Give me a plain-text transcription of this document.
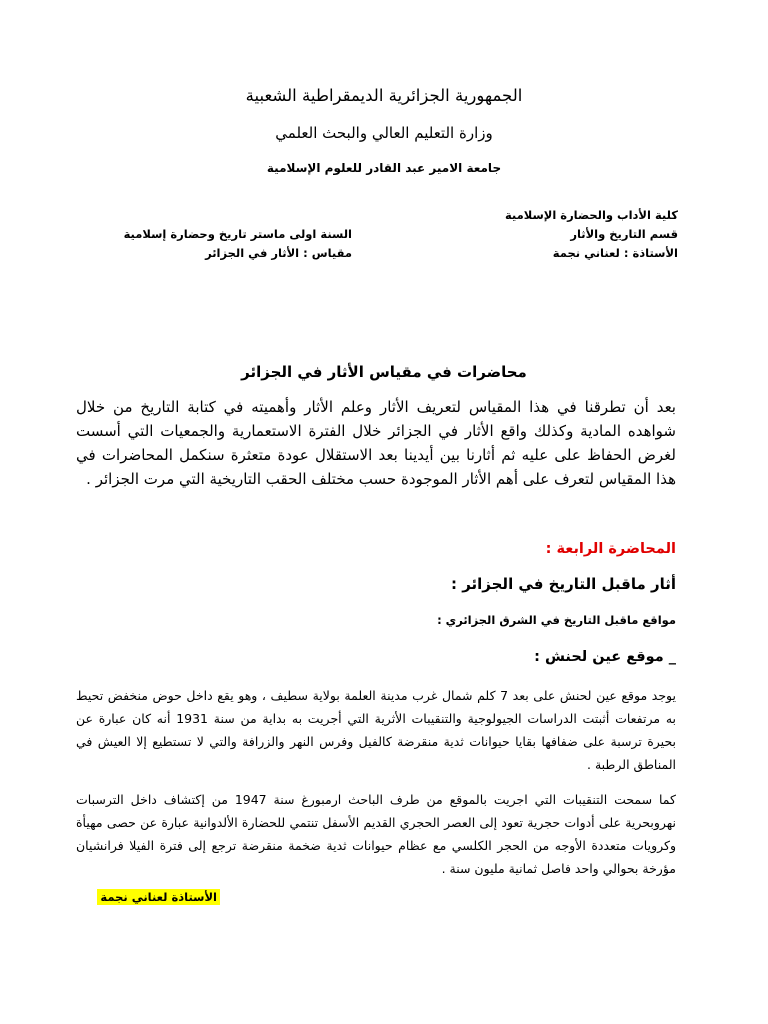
الجمهورية الجزائرية الديمقراطية الشعبية
وزارة التعليم العالي والبحث العلمي
جامعة الامير عبد القادر للعلوم الإسلامية
كلية الأداب والحضارة الإسلامية
قسم التاريخ والأثار
الأستاذة : لعناني نجمة
السنة اولى ماستر تاريخ وحضارة إسلامية
مقياس : الأثار في الجزائر
محاضرات في مقياس الأثار في الجزائر
بعد أن تطرقنا في هذا المقياس لتعريف الأثار وعلم الأثار وأهميته في كتابة التاريخ من خلال شواهده المادية وكذلك واقع الأثار في الجزائر خلال الفترة الاستعمارية والجمعيات التي أسست لغرض الحفاظ على عليه ثم أثارنا بين أيدينا بعد الاستقلال عودة متعثرة سنكمل المحاضرات في هذا المقياس لتعرف على أهم الأثار الموجودة حسب مختلف الحقب التاريخية التي مرت الجزائر .
المحاضرة الرابعة :
أثار ماقبل التاريخ في الجزائر :
مواقع ماقبل التاريخ في الشرق الجزائري :
_ موقع عين لحنش :
يوجد موقع عين لحنش على بعد 7 كلم شمال غرب مدينة العلمة بولاية سطيف ، وهو يقع داخل حوض منخفض تحيط به مرتفعات أثبتت الدراسات الجيولوجية والتنقيبات الأثرية التي أجريت به بداية من سنة 1931 أنه كان عبارة عن بحيرة ترسبة على ضفافها بقايا حيوانات ثدية منقرضة كالفيل وفرس النهر والزرافة والتي لا تستطيع إلا العيش في المناطق الرطبة .
كما سمحت التنقيبات التي اجريت بالموقع من طرف الباحث ارمبورغ سنة 1947 من إكتشاف داخل الترسبات نهروبحرية على أدوات حجرية تعود إلى العصر الحجري القديم الأسفل تنتمي للحضارة الألدوانية عبارة عن حصى مهيأة وكرويات متعددة الأوجه من الحجر الكلسي مع عظام حيوانات ثدية ضخمة منقرضة ترجع إلى فترة الفيلا فرانشيان مؤرخة بحوالي واحد فاصل ثمانية مليون سنة .
الأستاذة لعناني نجمة
